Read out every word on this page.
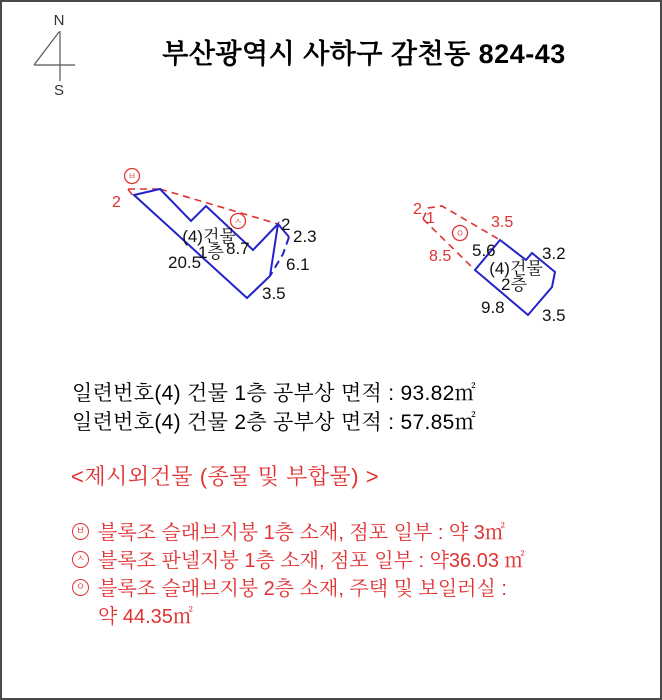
부산광역시 사하구 감천동 824-43
N
S
ㅂ
ㅅ
2
2
2.3
6.1
3.5
20.5
8.7
(4)건물
1층
ㅇ
2
1	3.5
8.5 5.6	3.2
9.8 3.5
(4)건물
2층
일련번호(4) 건물 1층 공부상 면적 : 93.82㎡
일련번호(4) 건물 2층 공부상 면적 : 57.85㎡
<제시외건물 (종물 및 부합물) >
ㅂ 블록조 슬래브지붕 1층 소재, 점포 일부 : 약 3㎡
ㅅ 블록조 판넬지붕 1층 소재, 점포 일부 : 약36.03 ㎡
ㅇ 블록조 슬래브지붕 2층 소재, 주택 및 보일러실 :
약 44.35㎡
